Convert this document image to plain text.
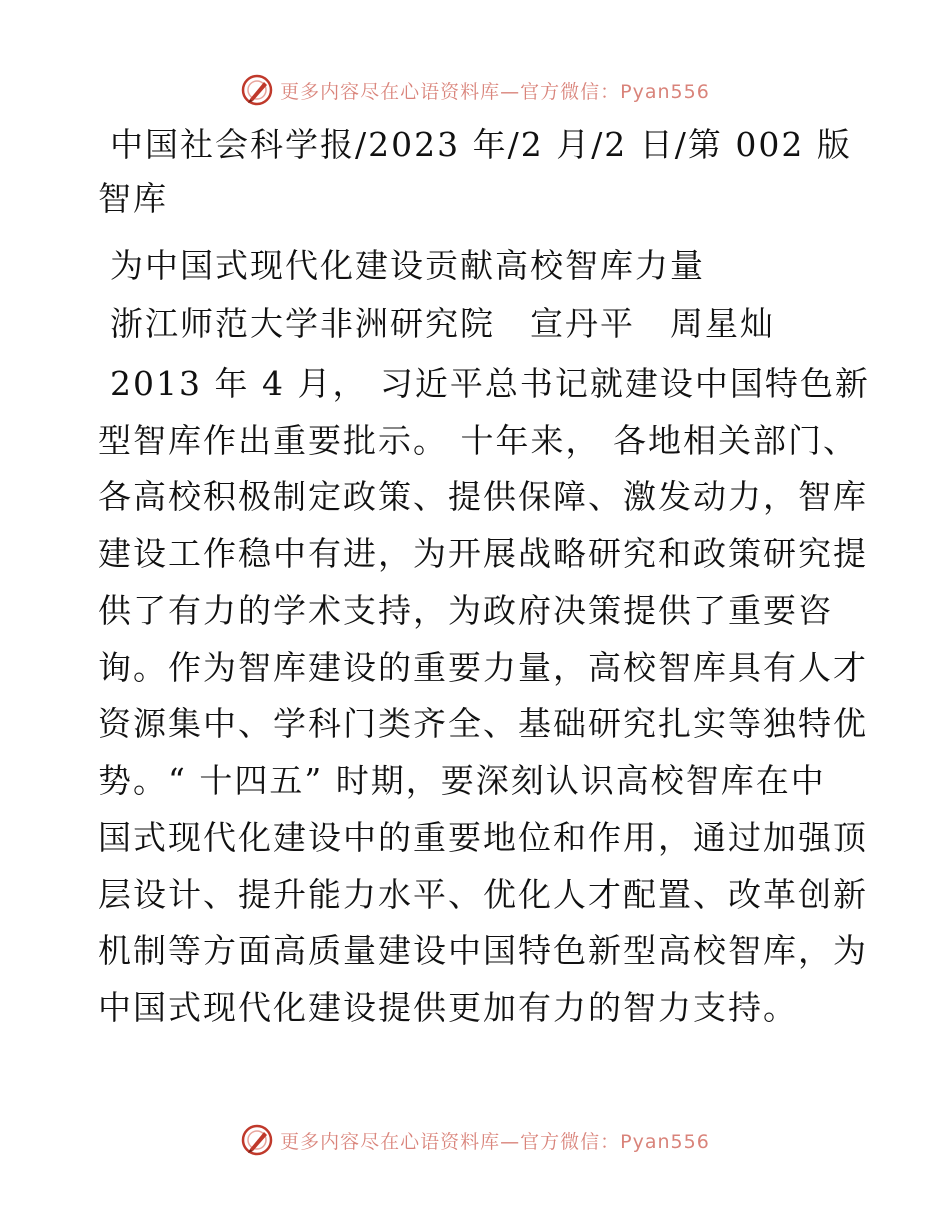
更多内容尽在心语资料库—官方微信：Pyan556

中国社会科学报/2023 年/2 月/2 日/第 002 版

智库

为中国式现代化建设贡献高校智库力量

浙江师范大学非洲研究院　宣丹平　周星灿

2013 年 4 月， 习近平总书记就建设中国特色新

型智库作出重要批示。 十年来， 各地相关部门、

各高校积极制定政策、提供保障、激发动力，智库

建设工作稳中有进，为开展战略研究和政策研究提

供了有力的学术支持，为政府决策提供了重要咨

询。作为智库建设的重要力量，高校智库具有人才

资源集中、学科门类齐全、基础研究扎实等独特优

势。“ 十四五” 时期，要深刻认识高校智库在中

国式现代化建设中的重要地位和作用，通过加强顶

层设计、提升能力水平、优化人才配置、改革创新

机制等方面高质量建设中国特色新型高校智库，为

中国式现代化建设提供更加有力的智力支持。

更多内容尽在心语资料库—官方微信：Pyan556
